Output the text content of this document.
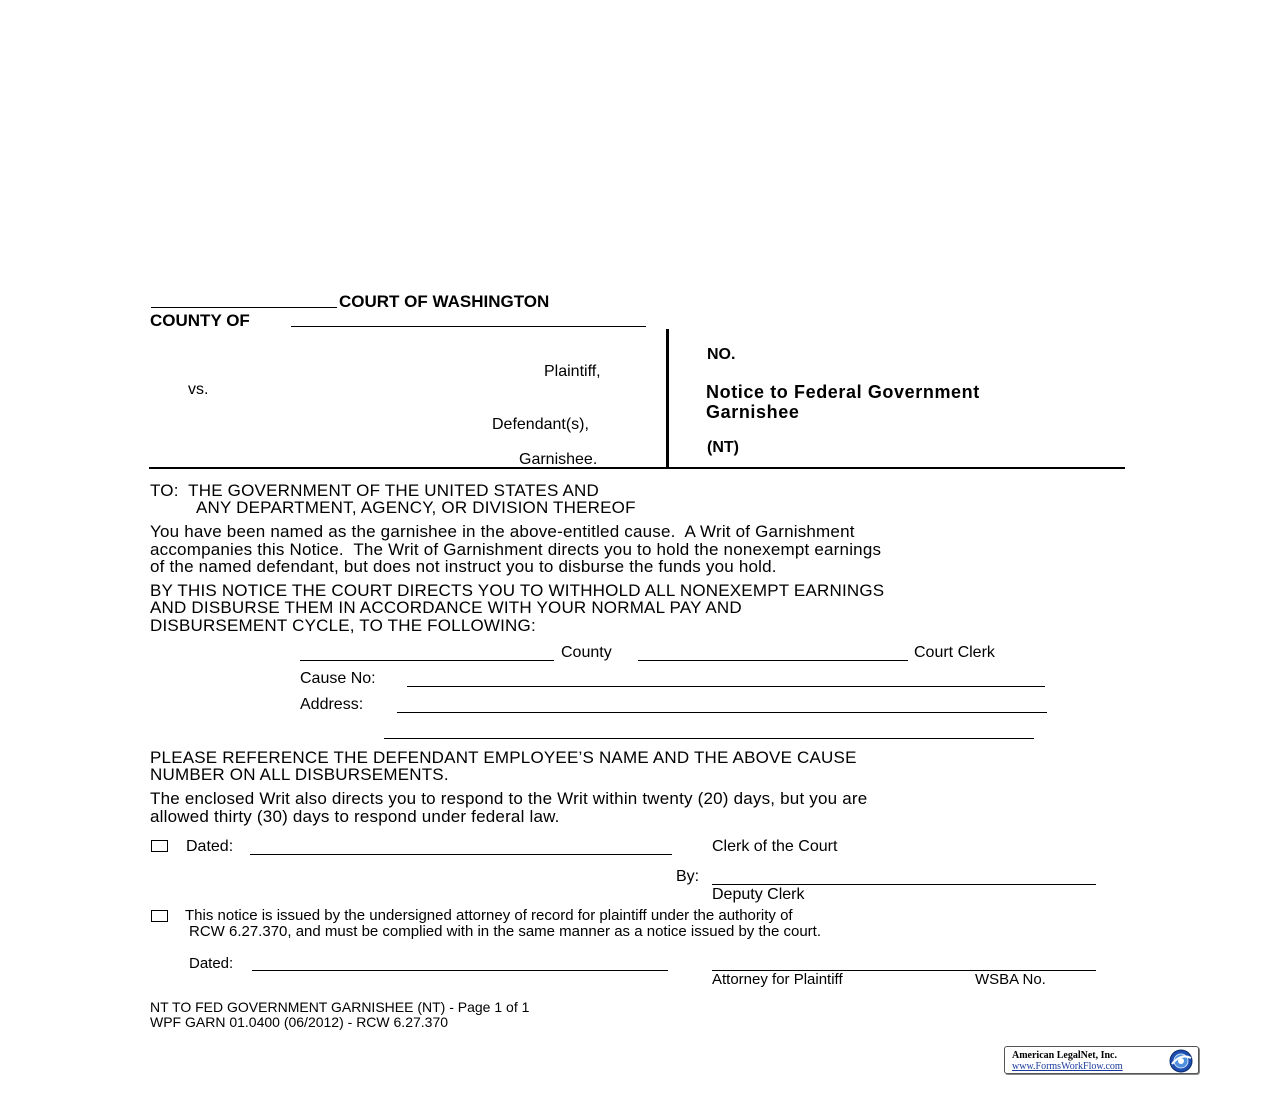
COURT OF WASHINGTON
COUNTY OF
Plaintiff,
vs.
Defendant(s),
Garnishee.
NO.
Notice to Federal Government
Garnishee
(NT)
TO:  THE GOVERNMENT OF THE UNITED STATES AND
ANY DEPARTMENT, AGENCY, OR DIVISION THEREOF
You have been named as the garnishee in the above-entitled cause.  A Writ of Garnishment
accompanies this Notice.  The Writ of Garnishment directs you to hold the nonexempt earnings
of the named defendant, but does not instruct you to disburse the funds you hold.
BY THIS NOTICE THE COURT DIRECTS YOU TO WITHHOLD ALL NONEXEMPT EARNINGS
AND DISBURSE THEM IN ACCORDANCE WITH YOUR NORMAL PAY AND
DISBURSEMENT CYCLE, TO THE FOLLOWING:
County	Court Clerk
Cause No:
Address:
PLEASE REFERENCE THE DEFENDANT EMPLOYEE’S NAME AND THE ABOVE CAUSE
NUMBER ON ALL DISBURSEMENTS.
The enclosed Writ also directs you to respond to the Writ within twenty (20) days, but you are
allowed thirty (30) days to respond under federal law.
Dated:	Clerk of the Court
By:
Deputy Clerk
This notice is issued by the undersigned attorney of record for plaintiff under the authority of
RCW 6.27.370, and must be complied with in the same manner as a notice issued by the court.
Dated:
Attorney for Plaintiff	WSBA No.
NT TO FED GOVERNMENT GARNISHEE (NT) - Page 1 of 1
WPF GARN 01.0400 (06/2012) - RCW 6.27.370
American LegalNet, Inc.
www.FormsWorkFlow.com
